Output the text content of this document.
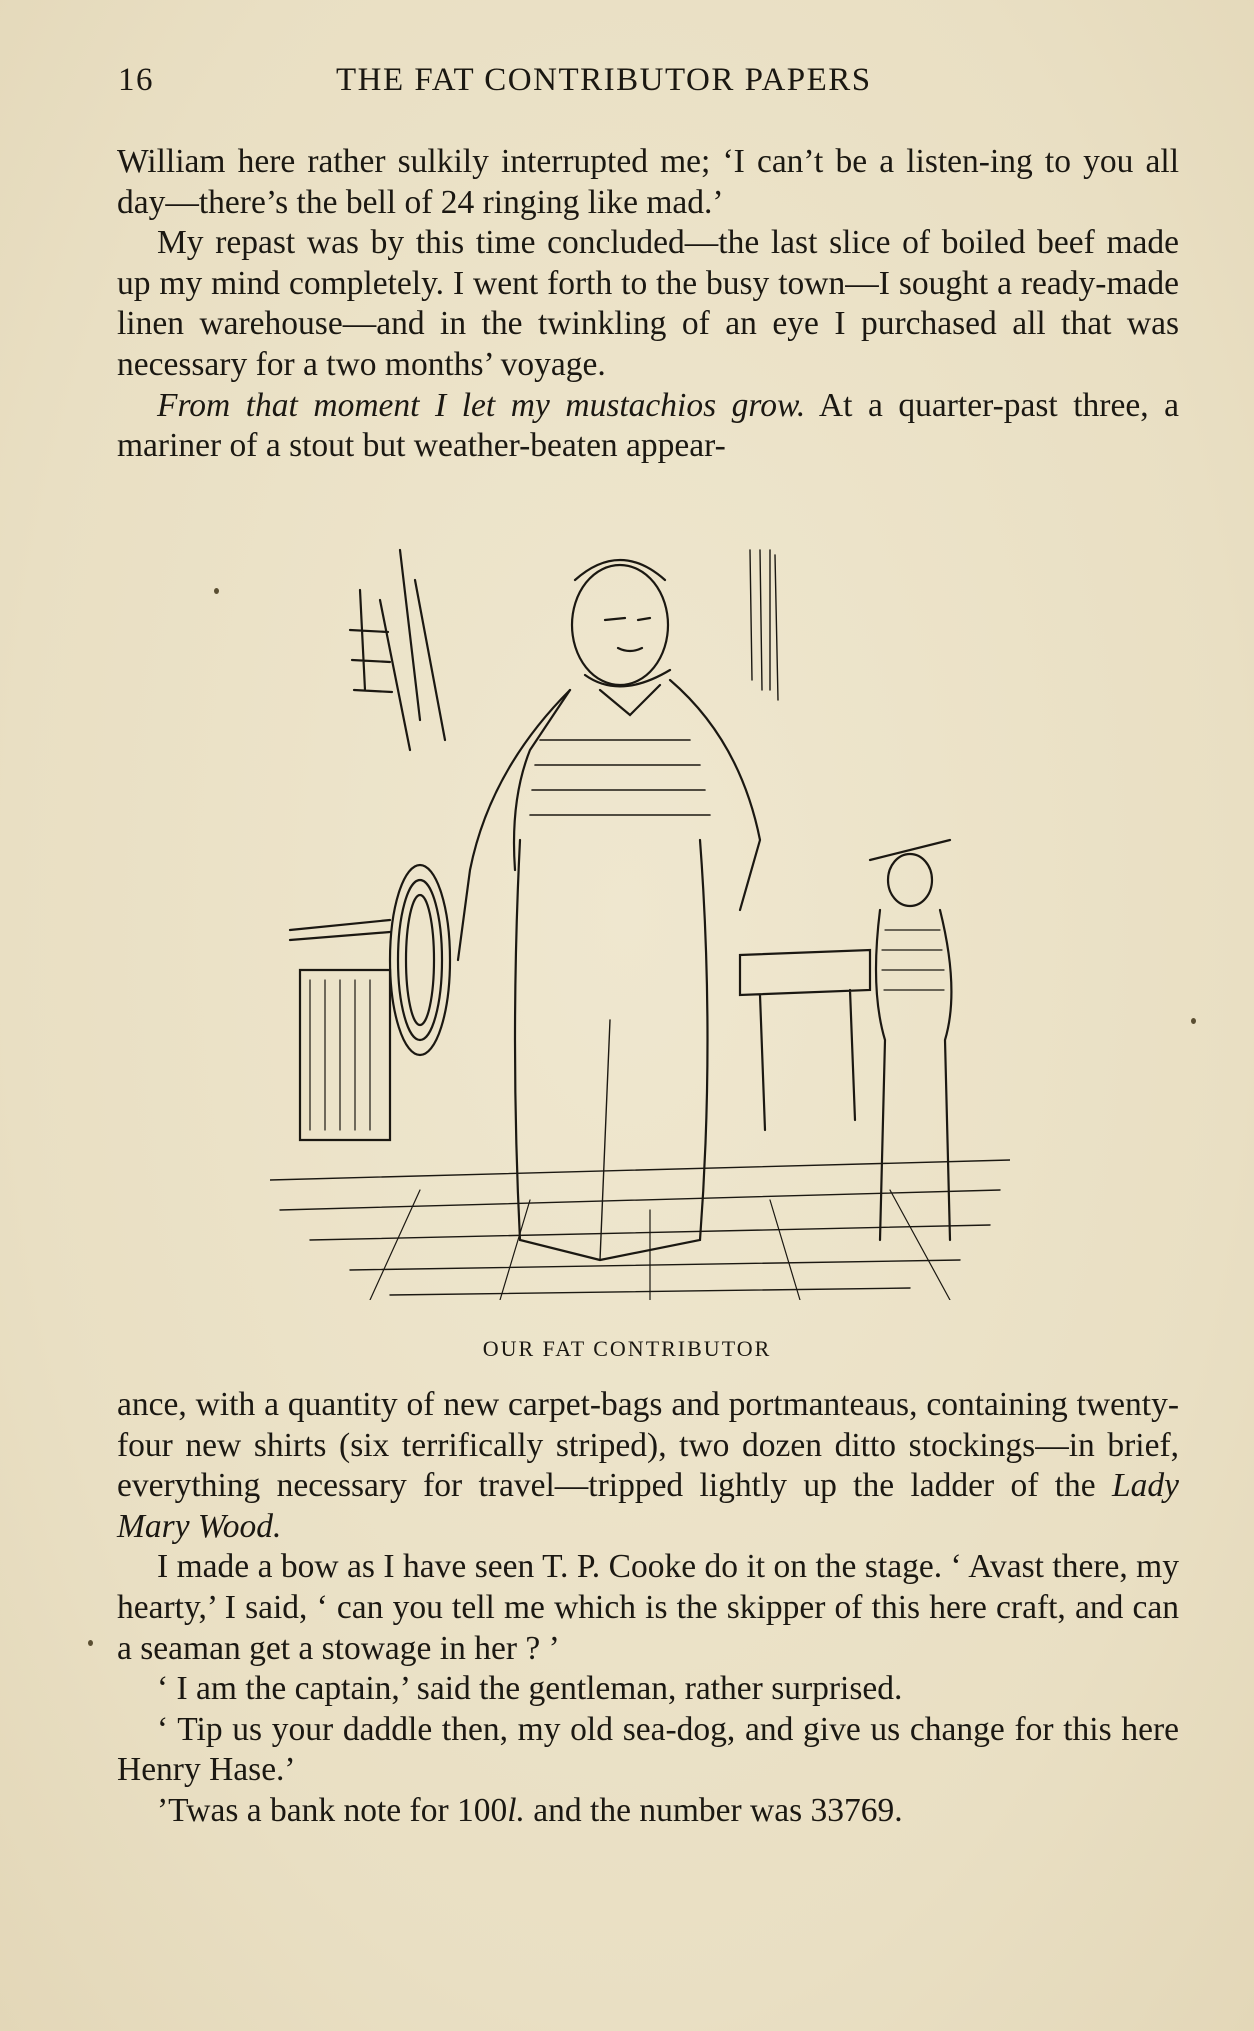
16	THE FAT CONTRIBUTOR PAPERS

William here rather sulkily interrupted me; ‘I can’t be a listen-ing to you all day—there’s the bell of 24 ringing like mad.’

My repast was by this time concluded—the last slice of boiled beef made up my mind completely. I went forth to the busy town—I sought a ready-made linen warehouse—and in the twinkling of an eye I purchased all that was necessary for a two months’ voyage.

From that moment I let my mustachios grow. At a quarter-past three, a mariner of a stout but weather-beaten appear-

OUR FAT CONTRIBUTOR

ance, with a quantity of new carpet-bags and portmanteaus, containing twenty-four new shirts (six terrifically striped), two dozen ditto stockings—in brief, everything necessary for travel—tripped lightly up the ladder of the Lady Mary Wood.

I made a bow as I have seen T. P. Cooke do it on the stage. ‘ Avast there, my hearty,’ I said, ‘ can you tell me which is the skipper of this here craft, and can a seaman get a stowage in her ? ’

‘ I am the captain,’ said the gentleman, rather surprised.

‘ Tip us your daddle then, my old sea-dog, and give us change for this here Henry Hase.’

’Twas a bank note for 100l. and the number was 33769.
